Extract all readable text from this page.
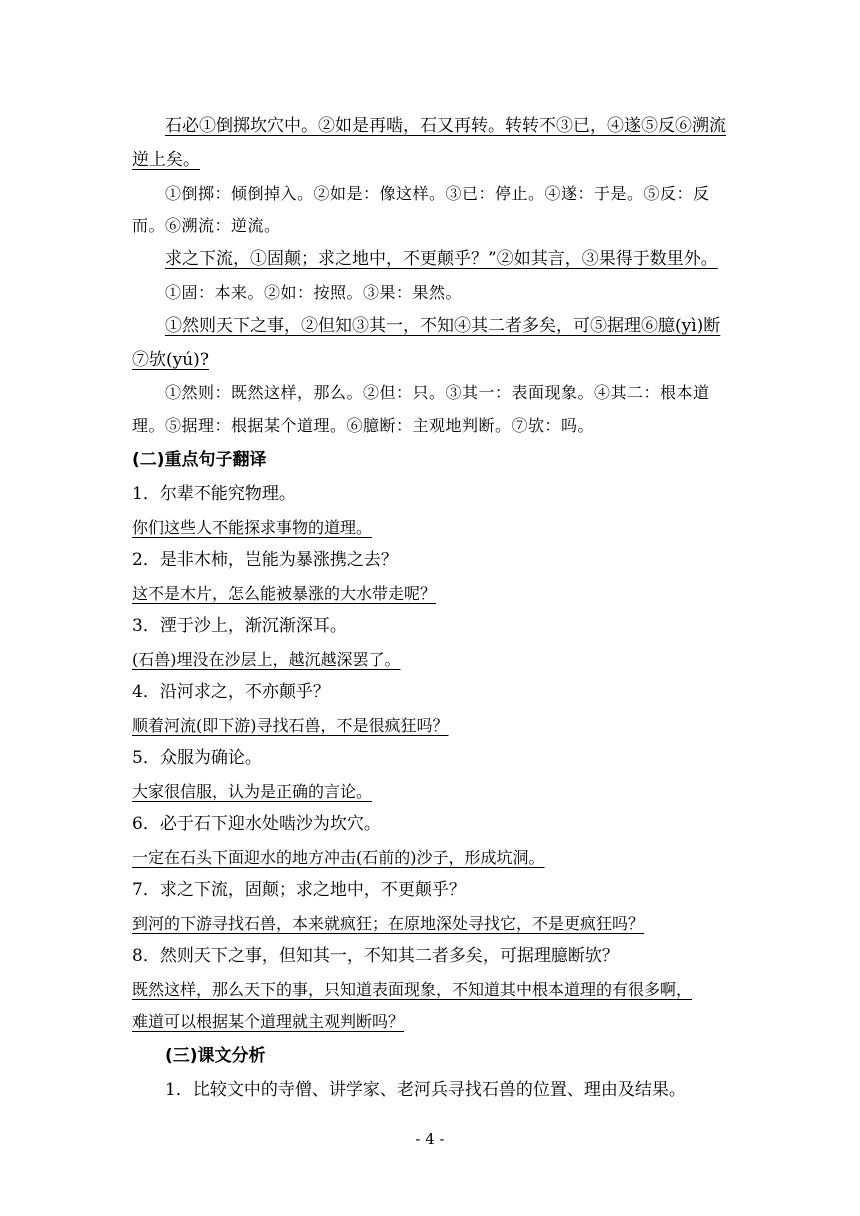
石必①倒掷坎穴中。②如是再啮，石又再转。转转不③已，④遂⑤反⑥溯流
逆上矣。
①倒掷：倾倒掉入。②如是：像这样。③已：停止。④遂：于是。⑤反：反
而。⑥溯流：逆流。
求之下流，①固颠；求之地中，不更颠乎？”②如其言，③果得于数里外。
①固：本来。②如：按照。③果：果然。
①然则天下之事，②但知③其一，不知④其二者多矣，可⑤据理⑥臆(yì)断
⑦欤(yú)?
①然则：既然这样，那么。②但：只。③其一：表面现象。④其二：根本道
理。⑤据理：根据某个道理。⑥臆断：主观地判断。⑦欤：吗。
(二)重点句子翻译
1．尔辈不能究物理。
你们这些人不能探求事物的道理。
2．是非木柿，岂能为暴涨携之去？
这不是木片，怎么能被暴涨的大水带走呢？
3．湮于沙上，渐沉渐深耳。
(石兽)埋没在沙层上，越沉越深罢了。
4．沿河求之，不亦颠乎？
顺着河流(即下游)寻找石兽，不是很疯狂吗？
5．众服为确论。
大家很信服，认为是正确的言论。
6．必于石下迎水处啮沙为坎穴。
一定在石头下面迎水的地方冲击(石前的)沙子，形成坑洞。
7．求之下流，固颠；求之地中，不更颠乎？
到河的下游寻找石兽，本来就疯狂；在原地深处寻找它，不是更疯狂吗？
8．然则天下之事，但知其一，不知其二者多矣，可据理臆断欤？
既然这样，那么天下的事，只知道表面现象，不知道其中根本道理的有很多啊，
难道可以根据某个道理就主观判断吗？
(三)课文分析
1．比较文中的寺僧、讲学家、老河兵寻找石兽的位置、理由及结果。
- 4 -
